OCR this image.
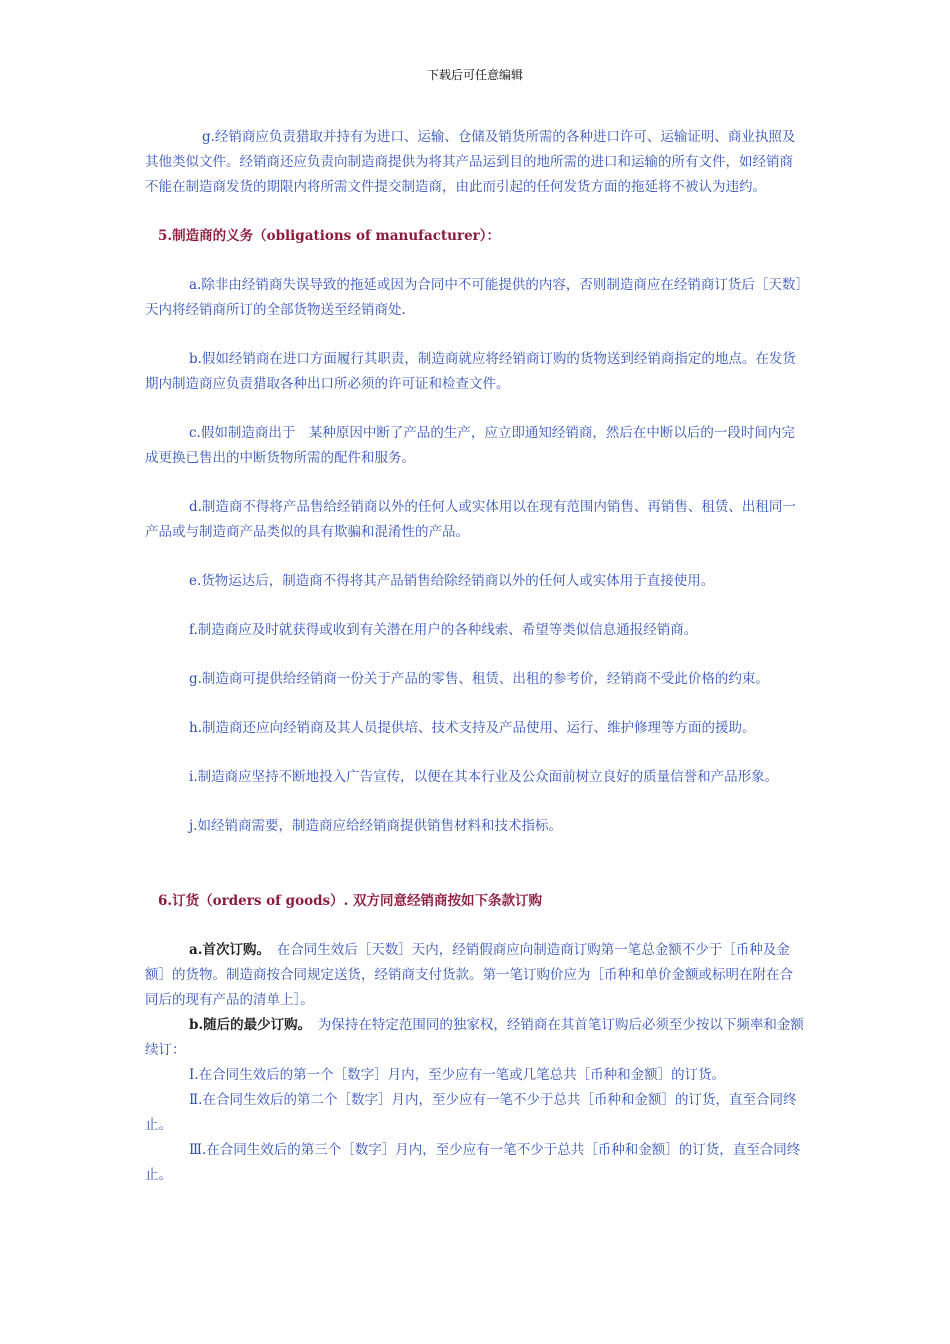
下载后可任意编辑

g.经销商应负责猎取并持有为进口、运输、仓储及销货所需的各种进口许可、运输证明、商业执照及其他类似文件。经销商还应负责向制造商提供为将其产品运到目的地所需的进口和运输的所有文件，如经销商不能在制造商发货的期限内将所需文件提交制造商，由此而引起的任何发货方面的拖延将不被认为违约。

5.制造商的义务（obligations of manufacturer）：

a.除非由经销商失误导致的拖延或因为合同中不可能提供的内容，否则制造商应在经销商订货后［天数］天内将经销商所订的全部货物送至经销商处.

b.假如经销商在进口方面履行其职责，制造商就应将经销商订购的货物送到经销商指定的地点。在发货期内制造商应负责猎取各种出口所必须的许可证和检查文件。

c.假如制造商出于　某种原因中断了产品的生产，应立即通知经销商，然后在中断以后的一段时间内完成更换已售出的中断货物所需的配件和服务。

d.制造商不得将产品售给经销商以外的任何人或实体用以在现有范围内销售、再销售、租赁、出租同一产品或与制造商产品类似的具有欺骗和混淆性的产品。

e.货物运达后，制造商不得将其产品销售给除经销商以外的任何人或实体用于直接使用。

f.制造商应及时就获得或收到有关潜在用户的各种线索、希望等类似信息通报经销商。

g.制造商可提供给经销商一份关于产品的零售、租赁、出租的参考价，经销商不受此价格的约束。

h.制造商还应向经销商及其人员提供培、技术支持及产品使用、运行、维护修理等方面的援助。

i.制造商应坚持不断地投入广告宣传，以便在其本行业及公众面前树立良好的质量信誉和产品形象。

j.如经销商需要，制造商应给经销商提供销售材料和技术指标。

6.订货（orders of goods）. 双方同意经销商按如下条款订购

a.首次订购。　在合同生效后［天数］天内，经销假商应向制造商订购第一笔总金额不少于［币种及金额］的货物。制造商按合同规定送货，经销商支付货款。第一笔订购价应为［币种和单价金额或标明在附在合同后的现有产品的清单上］。

b.随后的最少订购。　为保持在特定范围同的独家权，经销商在其首笔订购后必须至少按以下频率和金额续订：

Ⅰ.在合同生效后的第一个［数字］月内，至少应有一笔或几笔总共［币种和金额］的订货。

Ⅱ.在合同生效后的第二个［数字］月内，至少应有一笔不少于总共［币种和金额］的订货，直至合同终止。

Ⅲ.在合同生效后的第三个［数字］月内，至少应有一笔不少于总共［币种和金额］的订货，直至合同终止。
